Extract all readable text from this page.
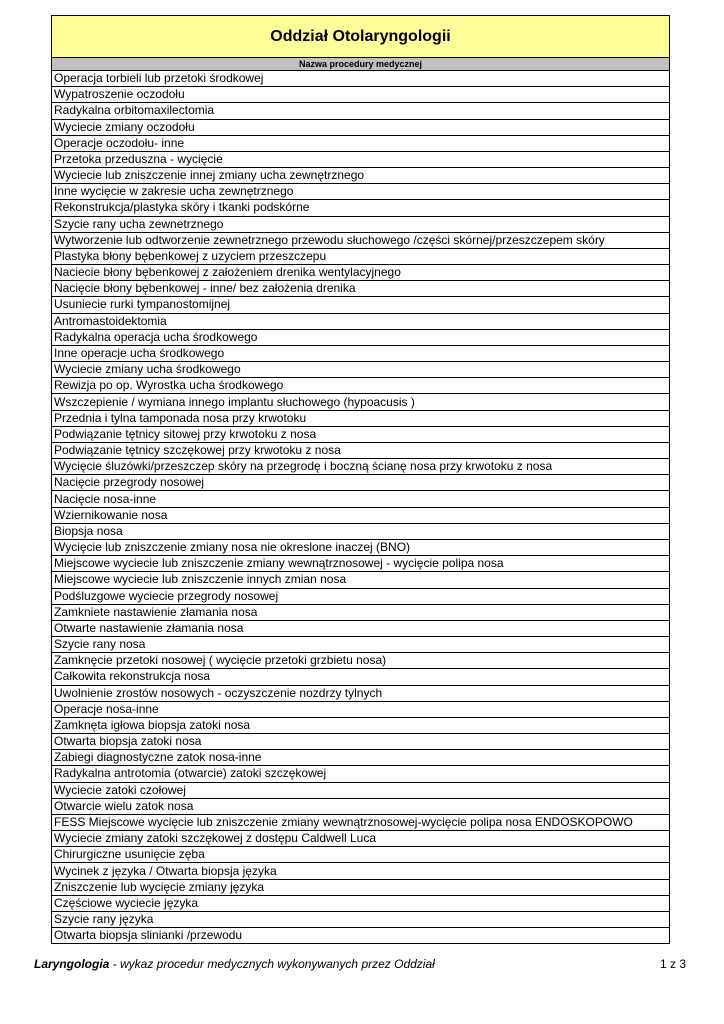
Oddział Otolaryngologii
Nazwa procedury medycznej
Operacja torbieli lub przetoki środkowej
Wypatroszenie oczodołu
Radykalna orbitomaxilectomia
Wyciecie zmiany oczodołu
Operacje oczodołu- inne
Przetoka przeduszna - wycięcie
Wyciecie lub zniszczenie innej zmiany ucha zewnętrznego
Inne wycięcie w zakresie ucha zewnętrznego
Rekonstrukcja/plastyka skóry i tkanki podskórne
Szycie rany ucha zewnetrznego
Wytworzenie lub odtworzenie zewnetrznego przewodu słuchowego /części skórnej/przeszczepem skóry
Plastyka błony bębenkowej z uzyciem przeszczepu
Naciecie błony bębenkowej z założeniem drenika wentylacyjnego
Nacięcie błony bębenkowej - inne/ bez założenia drenika
Usuniecie rurki tympanostomijnej
Antromastoidektomia
Radykalna operacja ucha środkowego
Inne operacje ucha środkowego
Wyciecie zmiany ucha środkowego
Rewizja po op. Wyrostka ucha środkowego
Wszczepienie / wymiana innego implantu słuchowego (hypoacusis )
Przednia i tylna tamponada nosa przy krwotoku
Podwiązanie tętnicy sitowej przy krwotoku z nosa
Podwiązanie tętnicy szczękowej przy krwotoku z nosa
Wycięcie śluzówki/przeszczep skóry na przegrodę i boczną ścianę nosa przy krwotoku z nosa
Nacięcie przegrody nosowej
Nacięcie nosa-inne
Wziernikowanie nosa
Biopsja nosa
Wycięcie lub zniszczenie zmiany nosa nie okreslone inaczej (BNO)
Miejscowe wyciecie lub zniszczenie zmiany wewnątrznosowej - wycięcie polipa nosa
Miejscowe wyciecie lub zniszczenie innych zmian nosa
Podśluzgowe wyciecie przegrody nosowej
Zamkniete nastawienie złamania nosa
Otwarte nastawienie złamania nosa
Szycie rany nosa
Zamknęcie przetoki nosowej ( wycięcie przetoki grzbietu nosa)
Całkowita rekonstrukcja nosa
Uwolnienie zrostów nosowych - oczyszczenie nozdrzy tylnych
Operacje nosa-inne
Zamknęta igłowa biopsja zatoki nosa
Otwarta biopsja zatoki nosa
Zabiegi diagnostyczne zatok nosa-inne
Radykalna antrotomia (otwarcie) zatoki szczękowej
Wyciecie zatoki czołowej
Otwarcie wielu zatok nosa
FESS Miejscowe wycięcie lub zniszczenie zmiany wewnątrznosowej-wycięcie polipa nosa ENDOSKOPOWO
Wyciecie zmiany zatoki szczękowej z dostępu Caldwell Luca
Chirurgiczne usunięcie zęba
Wycinek z języka / Otwarta biopsja języka
Zniszczenie lub wycięcie zmiany języka
Częściowe wyciecie języka
Szycie rany języka
Otwarta biopsja slinianki /przewodu
Laryngologia - wykaz procedur medycznych wykonywanych przez Oddział	1 z 3
